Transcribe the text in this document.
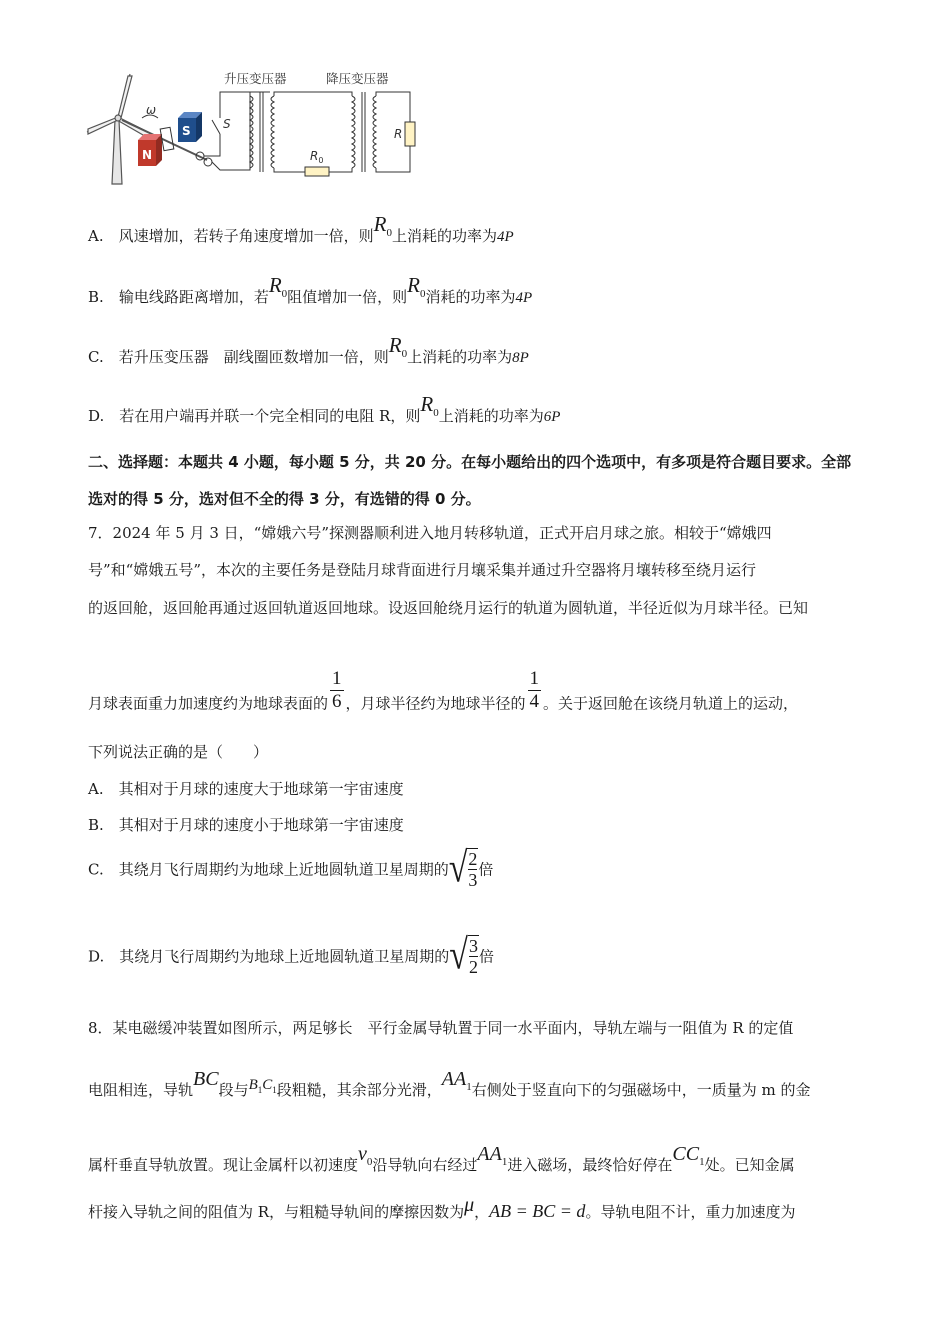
ω
N
S	S
升压变压器
$R_0$
降压变压器
R
A.　 风速增加，若转子角速度增加一倍，则$R_0$上消耗的功率为4P
B.　 输电线路距离增加，若$R_0$阻值增加一倍，则$R_0$消耗的功率为4P
C.　 若升压变压器　副线圈匝数增加一倍，则$R_0$上消耗的功率为8P
D.　 若在用户端再并联一个完全相同的电阻 R，则$R_0$上消耗的功率为6P
二、选择题：本题共 4 小题，每小题 5 分，共 20 分。在每小题给出的四个选项中，有多项是符合题目要求。全部
选对的得 5 分，选对但不全的得 3 分，有选错的得 0 分。
7．2024 年 5 月 3 日，“嫦娥六号”探测器顺利进入地月转移轨道，正式开启月球之旅。相较于“嫦娥四
号”和“嫦娥五号”，本次的主要任务是登陆月球背面进行月壤采集并通过升空器将月壤转移至绕月运行
的返回舱，返回舱再通过返回轨道返回地球。设返回舱绕月运行的轨道为圆轨道，半径近似为月球半径。已知
月球表面重力加速度约为地球表面的 $\frac{1}{6}$ ，月球半径约为地球半径的 $\frac{1}{4}$ 。关于返回舱在该绕月轨道上的运动，
下列说法正确的是（　　）
A.　其相对于月球的速度大于地球第一宇宙速度
B.　其相对于月球的速度小于地球第一宇宙速度
C.　其绕月飞行周期约为地球上近地圆轨道卫星周期的 √ 2
3
倍
D.　其绕月飞行周期约为地球上近地圆轨道卫星周期的 √ 3
2
倍
8．某电磁缓冲装置如图所示，两足够长　平行金属导轨置于同一水平面内，导轨左端与一阻值为 R 的定值
电阻相连，导轨BC段与$B_1C_1$段粗糙，其余部分光滑，$AA_1$右侧处于竖直向下的匀强磁场中，一质量为 m 的金
属杆垂直导轨放置。现让金属杆以初速度$v_0$沿导轨向右经过$AA_1$进入磁场，最终恰好停在$CC_1$处。已知金属
杆接入导轨之间的阻值为 R，与粗糙导轨间的摩擦因数为μ，AB = BC = d。导轨电阻不计，重力加速度为
